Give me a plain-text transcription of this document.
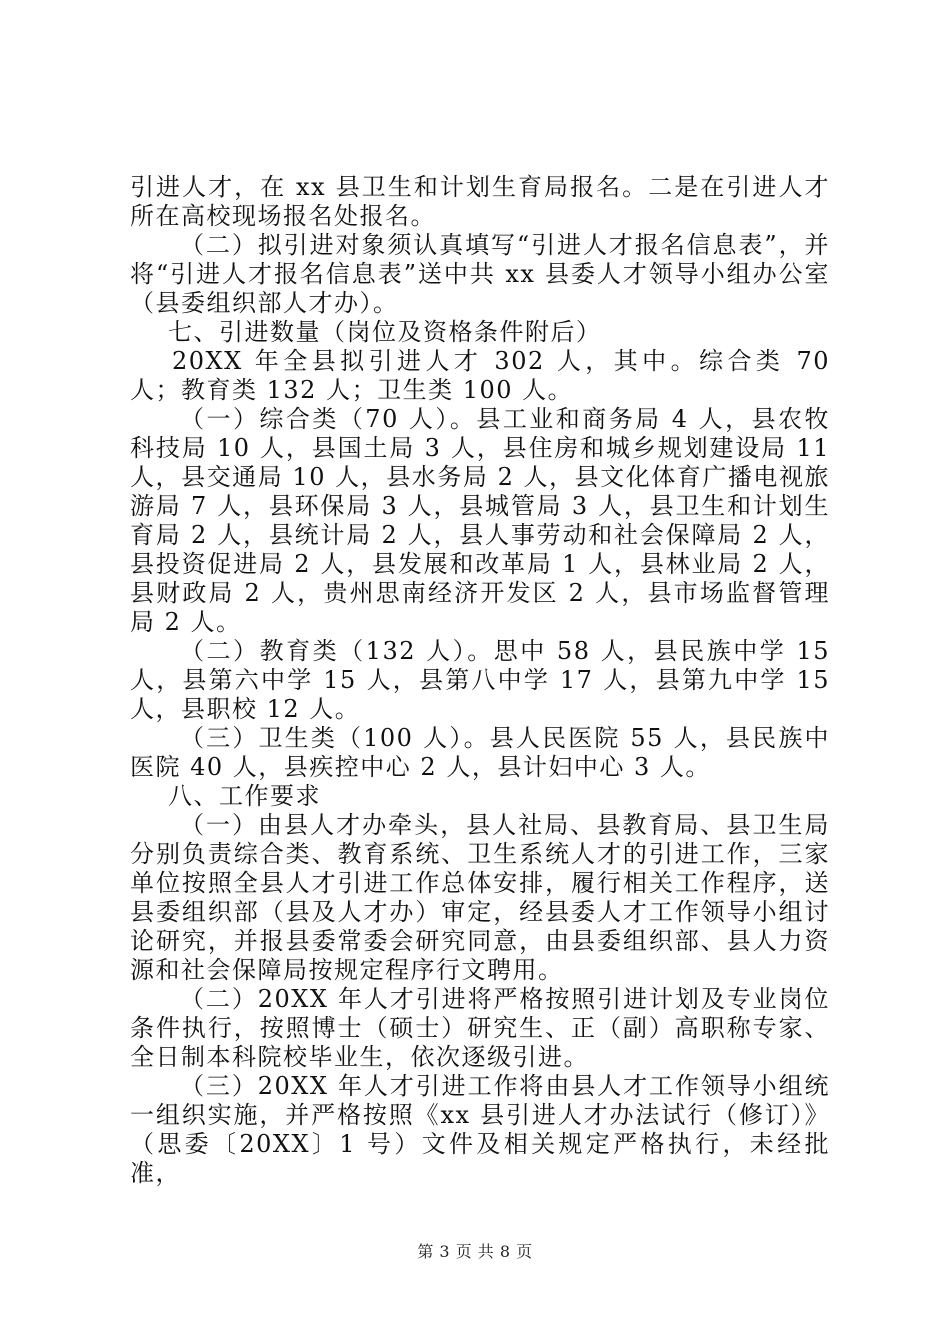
引进人才，在 xx 县卫生和计划生育局报名。二是在引进人才所在高校现场报名处报名。

（二）拟引进对象须认真填写“引进人才报名信息表”，并将“引进人才报名信息表”送中共 xx 县委人才领导小组办公室（县委组织部人才办）。

七、引进数量（岗位及资格条件附后）

20XX 年全县拟引进人才 302 人，其中。综合类 70 人；教育类 132 人；卫生类 100 人。

（一）综合类（70 人）。县工业和商务局 4 人，县农牧科技局 10 人，县国土局 3 人，县住房和城乡规划建设局 11 人，县交通局 10 人，县水务局 2 人，县文化体育广播电视旅游局 7 人，县环保局 3 人，县城管局 3 人，县卫生和计划生育局 2 人，县统计局 2 人，县人事劳动和社会保障局 2 人，县投资促进局 2 人，县发展和改革局 1 人，县林业局 2 人，县财政局 2 人，贵州思南经济开发区 2 人，县市场监督管理局 2 人。

（二）教育类（132 人）。思中 58 人，县民族中学 15 人，县第六中学 15 人，县第八中学 17 人，县第九中学 15 人，县职校 12 人。

（三）卫生类（100 人）。县人民医院 55 人，县民族中医院 40 人，县疾控中心 2 人，县计妇中心 3 人。

八、工作要求

（一）由县人才办牵头，县人社局、县教育局、县卫生局分别负责综合类、教育系统、卫生系统人才的引进工作，三家单位按照全县人才引进工作总体安排，履行相关工作程序，送县委组织部（县及人才办）审定，经县委人才工作领导小组讨论研究，并报县委常委会研究同意，由县委组织部、县人力资源和社会保障局按规定程序行文聘用。

（二）20XX 年人才引进将严格按照引进计划及专业岗位条件执行，按照博士（硕士）研究生、正（副）高职称专家、全日制本科院校毕业生，依次逐级引进。

（三）20XX 年人才引进工作将由县人才工作领导小组统一组织实施，并严格按照《xx 县引进人才办法试行（修订）》（思委〔20XX〕1 号）文件及相关规定严格执行，未经批准，

第 3 页 共 8 页
